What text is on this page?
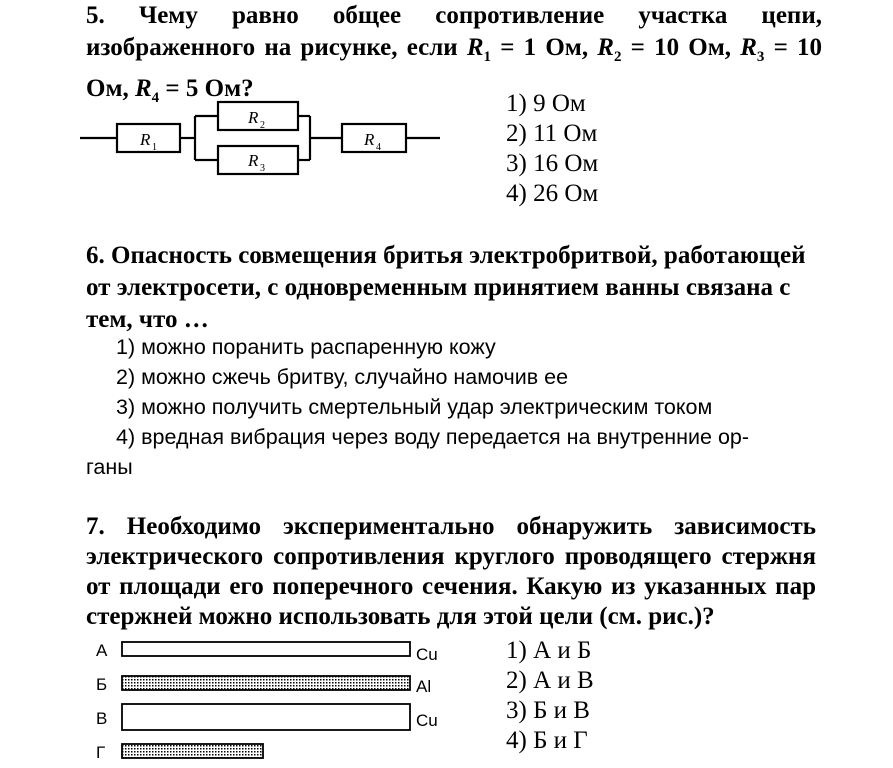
5. Чему равно общее сопротивление участка цепи, изображенного на рисунке, если $R_1 = 1$ Ом, $R_2 = 10$ Ом, $R_3 = 10$ Ом, $R_4 = 5$ Ом?
R 1
R 2
R 3
R 4
1) 9 Ом
2) 11 Ом
3) 16 Ом
4) 26 Ом
6. Опасность совмещения бритья электробритвой, работающей от электросети, с одновременным принятием ванны связана с тем, что …
1) можно поранить распаренную кожу
2) можно сжечь бритву, случайно намочив ее
3) можно получить смертельный удар электрическим током
4) вредная вибрация через воду передается на внутренние ор-
ганы
7. Необходимо экспериментально обнаружить зависимость
электрического сопротивления круглого проводящего стержня
от площади его поперечного сечения. Какую из указанных пар
стержней можно использовать для этой цели (см. рис.)?
А
Б
В
Г
Cu
Al
Cu
1) А и Б
2) А и В
3) Б и В
4) Б и Г
